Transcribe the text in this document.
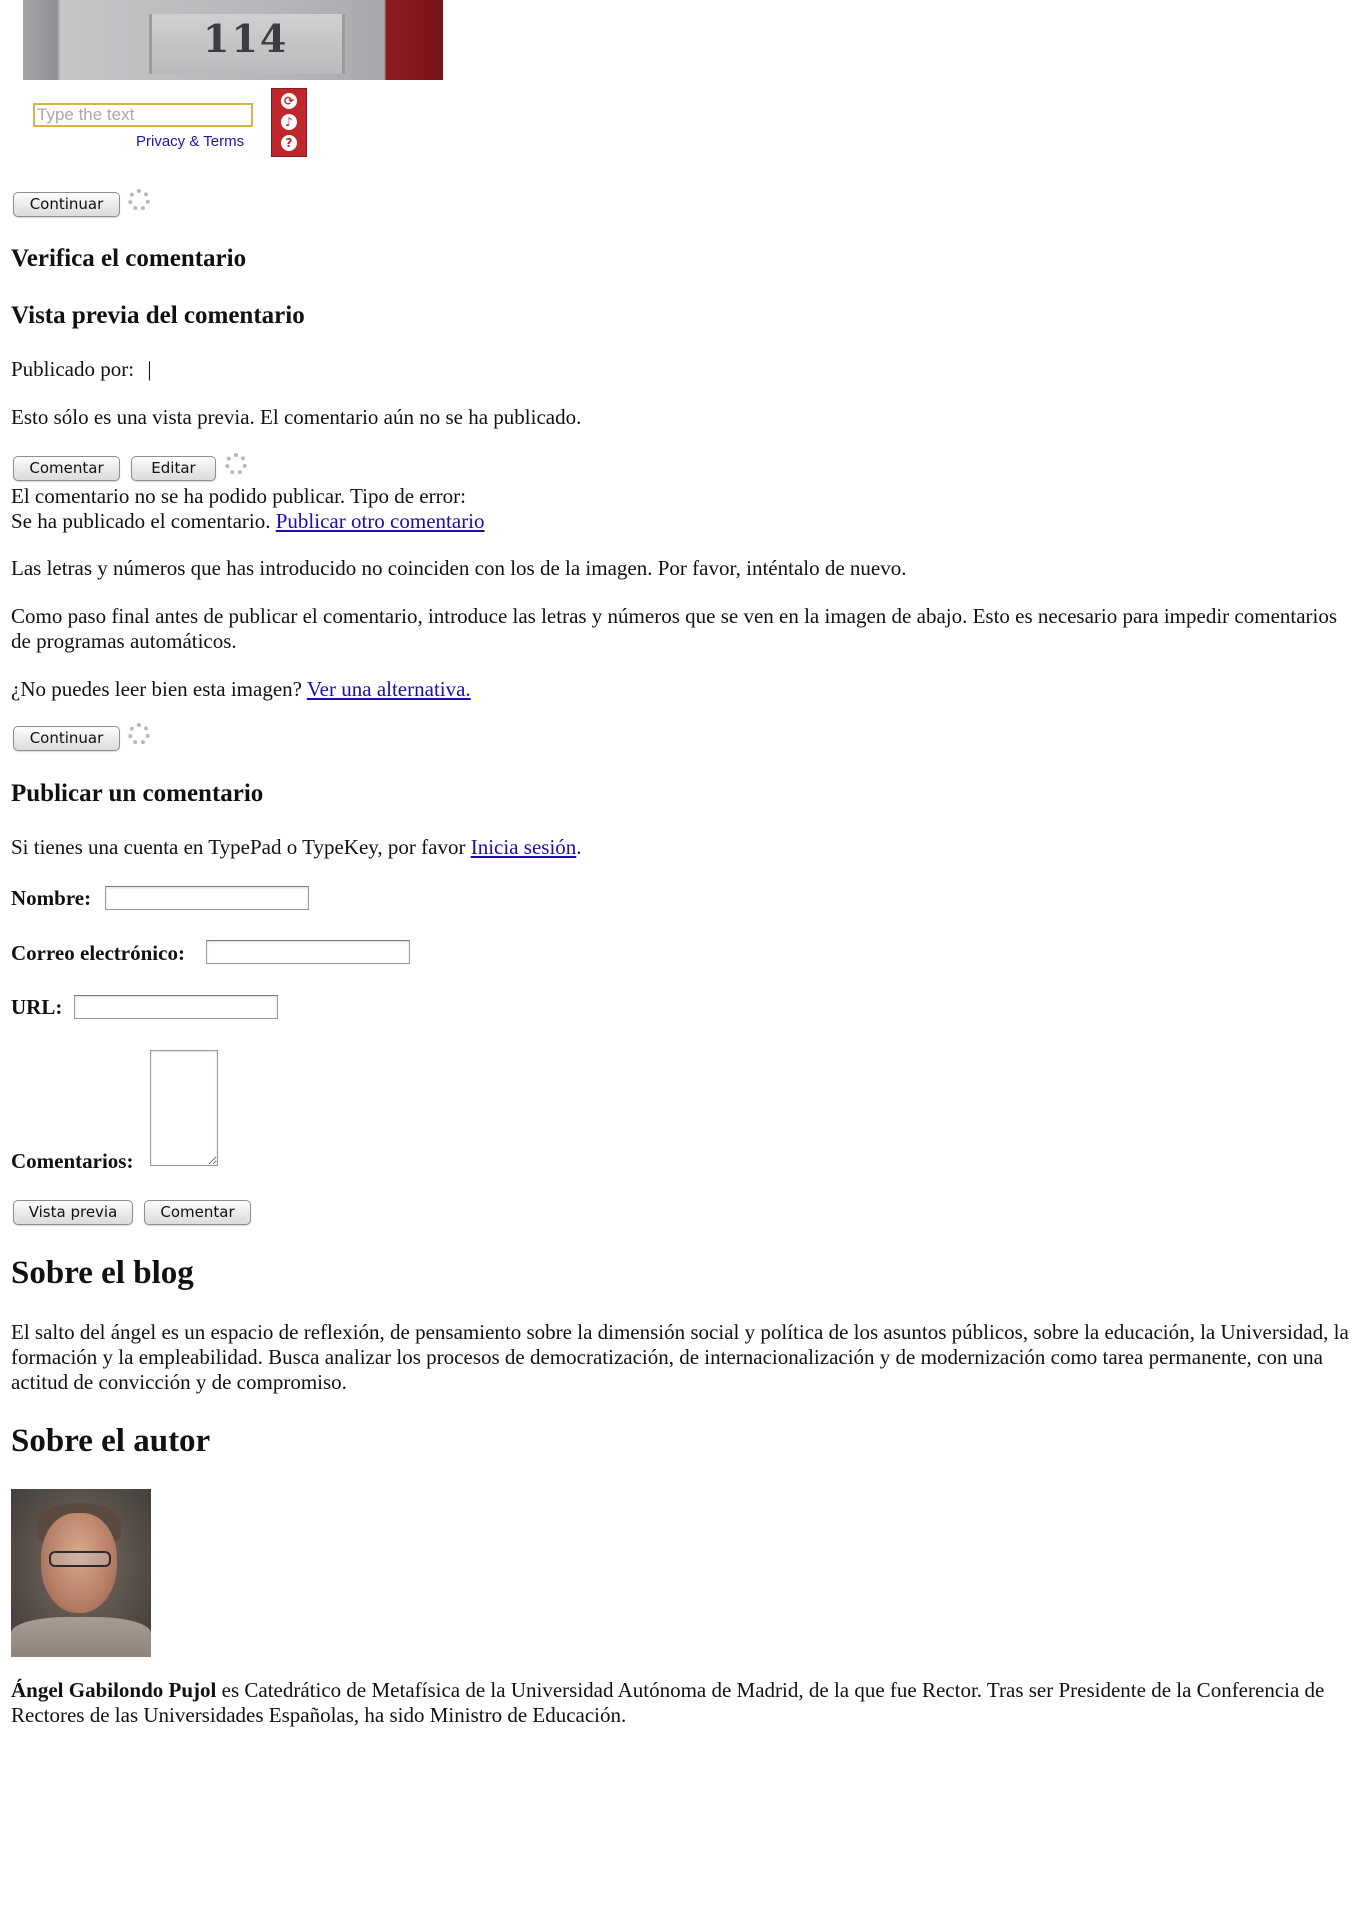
114
Type the text
Privacy & Terms
⟳
♪
?
Continuar
Verifica el comentario
Vista previa del comentario

Publicado por: |

Esto sólo es una vista previa. El comentario aún no se ha publicado.

Comentar	Editar

El comentario no se ha podido publicar. Tipo de error:

Se ha publicado el comentario. Publicar otro comentario

Las letras y números que has introducido no coinciden con los de la imagen. Por favor, inténtalo de nuevo.

Como paso final antes de publicar el comentario, introduce las letras y números que se ven en la imagen de abajo. Esto es necesario para impedir comentarios de programas automáticos.

¿No puedes leer bien esta imagen? Ver una alternativa.

Continuar
Publicar un comentario

Si tienes una cuenta en TypePad o TypeKey, por favor Inicia sesión.

Nombre:
Correo electrónico:
URL:
Comentarios:
Vista previa	Comentar
Sobre el blog

El salto del ángel es un espacio de reflexión, de pensamiento sobre la dimensión social y política de los asuntos públicos, sobre la educación, la Universidad, la formación y la empleabilidad. Busca analizar los procesos de democratización, de internacionalización y de modernización como tarea permanente, con una actitud de convicción y de compromiso.

Sobre el autor

Ángel Gabilondo Pujol es Catedrático de Metafísica de la Universidad Autónoma de Madrid, de la que fue Rector. Tras ser Presidente de la Conferencia de Rectores de las Universidades Españolas, ha sido Ministro de Educación.
